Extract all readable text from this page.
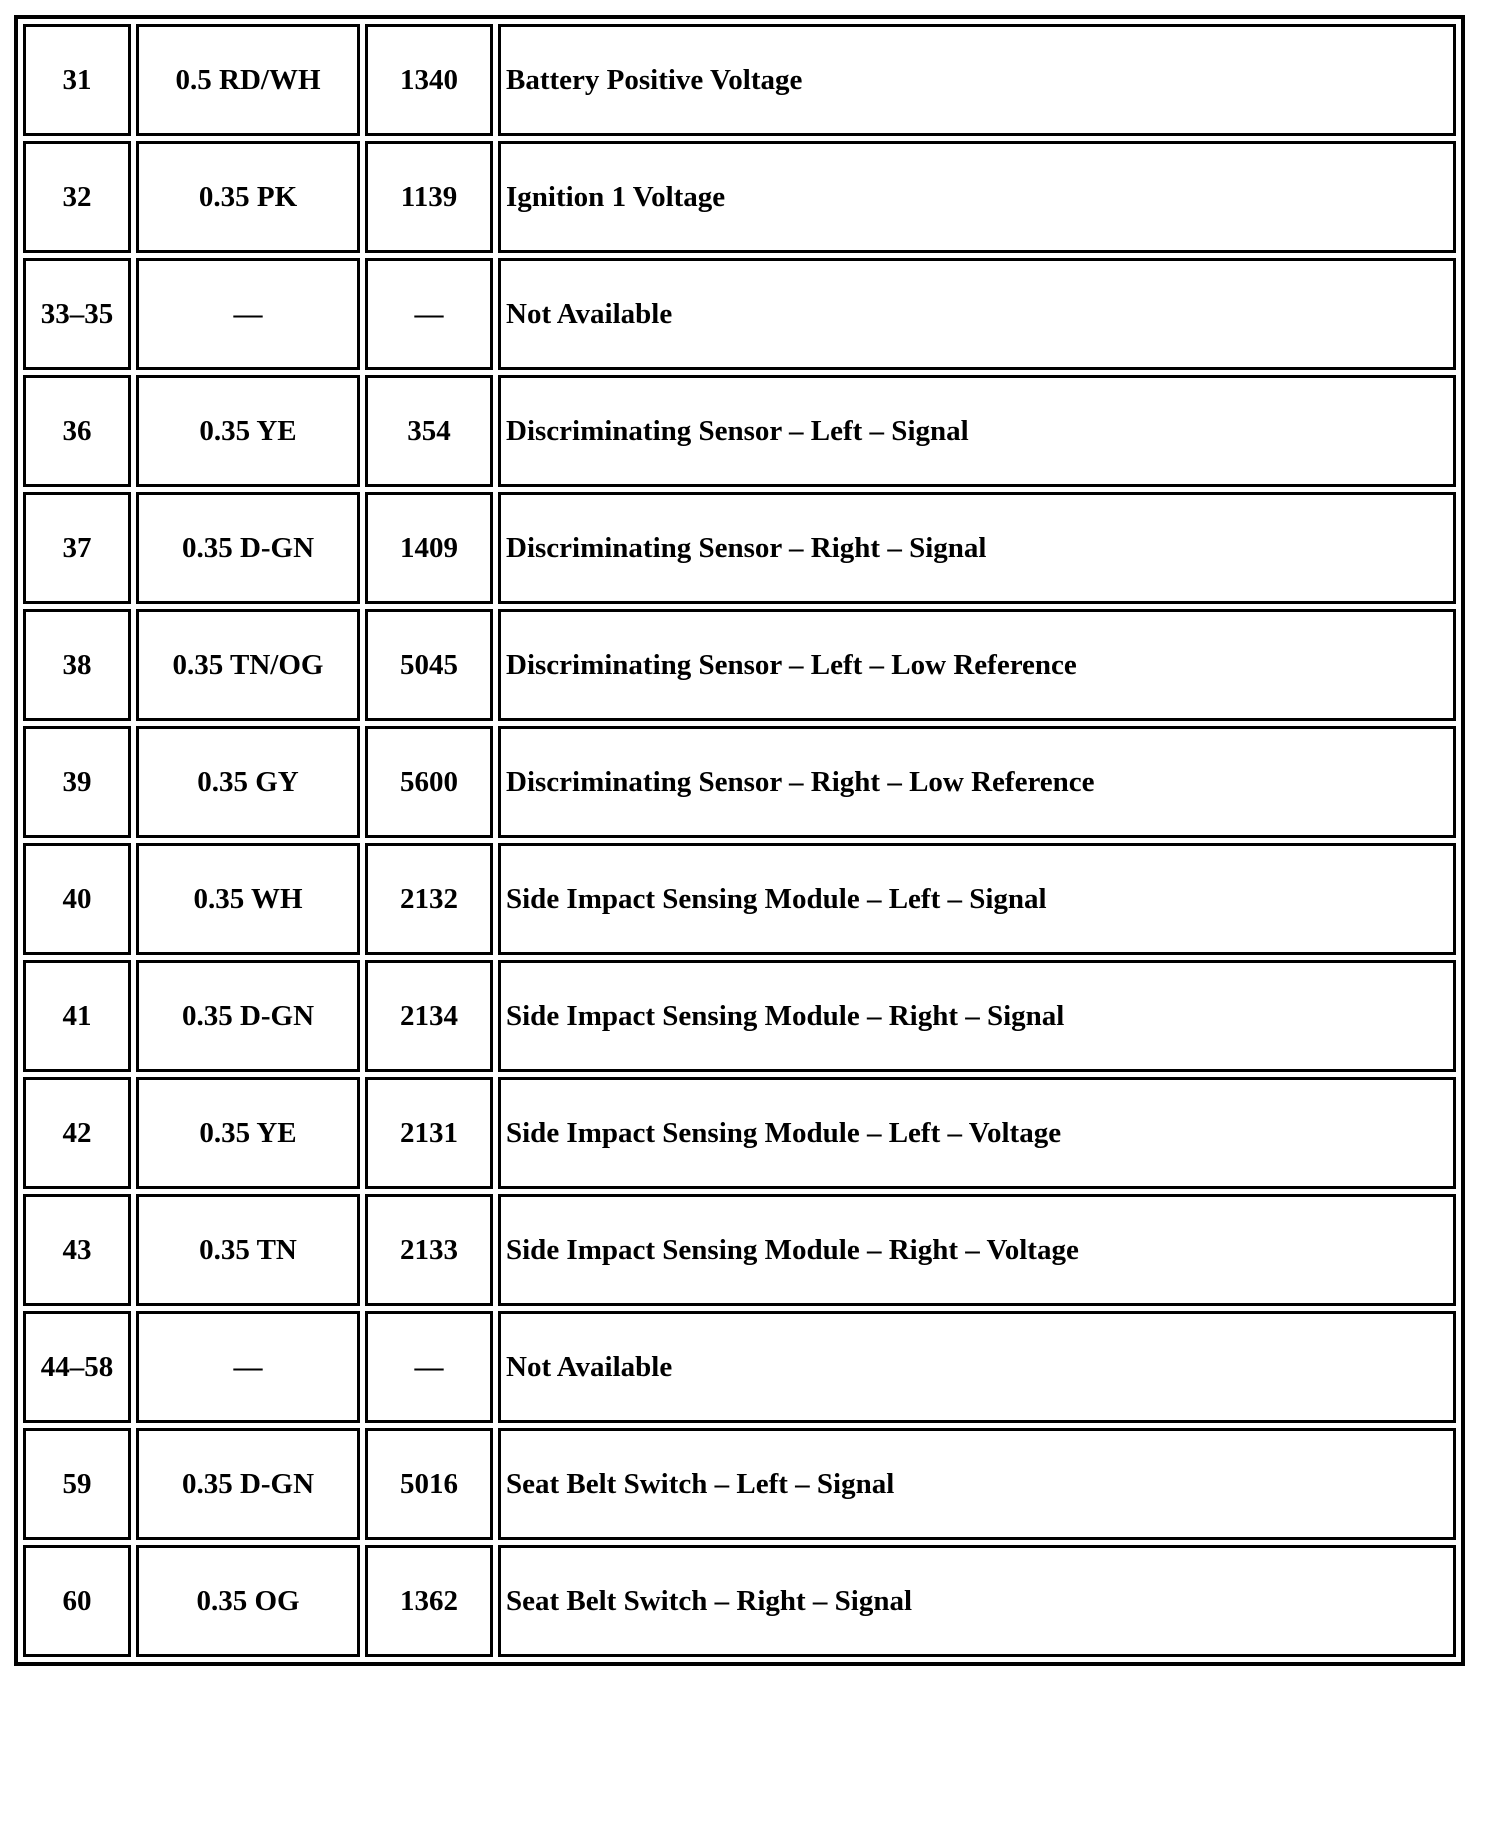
31	0.5 RD/WH	1340	Battery Positive Voltage
32	0.35 PK	1139	Ignition 1 Voltage
33–35	—	—	Not Available
36	0.35 YE	354	Discriminating Sensor – Left – Signal
37	0.35 D-GN	1409	Discriminating Sensor – Right – Signal
38	0.35 TN/OG	5045	Discriminating Sensor – Left – Low Reference
39	0.35 GY	5600	Discriminating Sensor – Right – Low Reference
40	0.35 WH	2132	Side Impact Sensing Module – Left – Signal
41	0.35 D-GN	2134	Side Impact Sensing Module – Right – Signal
42	0.35 YE	2131	Side Impact Sensing Module – Left – Voltage
43	0.35 TN	2133	Side Impact Sensing Module – Right – Voltage
44–58	—	—	Not Available
59	0.35 D-GN	5016	Seat Belt Switch – Left – Signal
60	0.35 OG	1362	Seat Belt Switch – Right – Signal
